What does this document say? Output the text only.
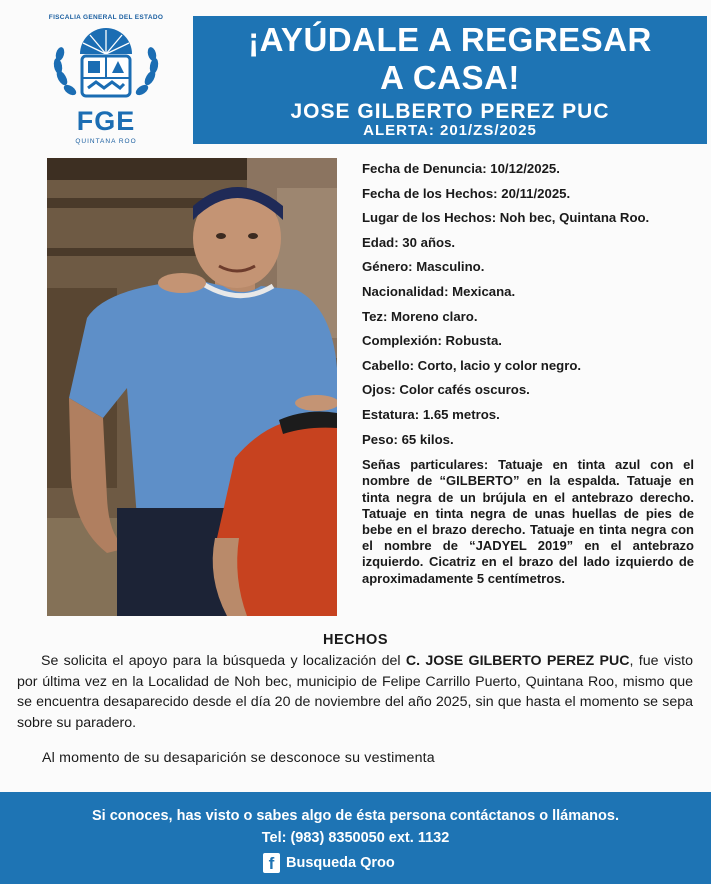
FISCALIA GENERAL DEL ESTADO
FGE
QUINTANA ROO
¡AYÚDALE A REGRESAR
A CASA!
JOSE GILBERTO PEREZ PUC
ALERTA: 201/ZS/2025
Fecha de Denuncia: 10/12/2025.
Fecha de los Hechos: 20/11/2025.
Lugar de los Hechos: Noh bec, Quintana Roo.
Edad: 30 años.
Género: Masculino.
Nacionalidad: Mexicana.
Tez: Moreno claro.
Complexión: Robusta.
Cabello: Corto, lacio y color negro.
Ojos: Color cafés oscuros.
Estatura: 1.65 metros.
Peso: 65 kilos.
Señas particulares: Tatuaje en tinta azul con el nombre de “GILBERTO” en la espalda. Tatuaje en tinta negra de un brújula en el antebrazo derecho. Tatuaje en tinta negra de unas huellas de pies de bebe en el brazo derecho. Tatuaje en tinta negra con el nombre de “JADYEL 2019” en el antebrazo izquierdo. Cicatriz en el brazo del lado izquierdo de aproximadamente 5 centímetros.
HECHOS
Se solicita el apoyo para la búsqueda y localización del C. JOSE GILBERTO PEREZ PUC, fue visto por última vez en la Localidad de Noh bec, municipio de Felipe Carrillo Puerto, Quintana Roo, mismo que se encuentra desaparecido desde el día 20 de noviembre del año 2025, sin que hasta el momento se sepa sobre su paradero.
Al momento de su desaparición se desconoce su vestimenta
Si conoces, has visto o sabes algo de ésta persona contáctanos o llámanos.
Tel: (983) 8350050 ext. 1132
f Busqueda Qroo
